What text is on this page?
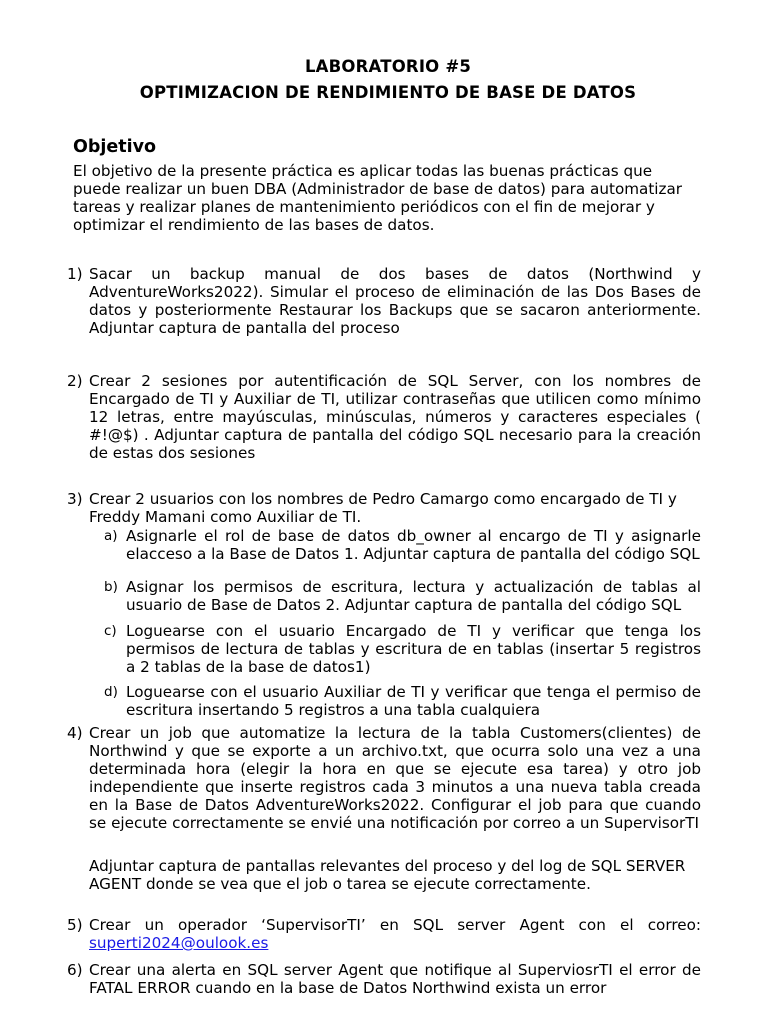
LABORATORIO #5
OPTIMIZACION DE RENDIMIENTO DE BASE DE DATOS
Objetivo
El objetivo de la presente práctica es aplicar todas las buenas prácticas que puede realizar un buen DBA (Administrador de base de datos) para automatizar tareas y realizar planes de mantenimiento periódicos con el fin de mejorar y optimizar el rendimiento de las bases de datos.
1) Sacar un backup manual de dos bases de datos (Northwind y AdventureWorks2022). Simular el proceso de eliminación de las Dos Bases de datos y posteriormente Restaurar los Backups que se sacaron anteriormente. Adjuntar captura de pantalla del proceso
2) Crear 2 sesiones por autentificación de SQL Server, con los nombres de Encargado de TI y Auxiliar de TI, utilizar contraseñas que utilicen como mínimo 12 letras, entre mayúsculas, minúsculas, números y caracteres especiales ( #!@$) . Adjuntar captura de pantalla del código SQL necesario para la creación de estas dos sesiones
3) Crear 2 usuarios con los nombres de Pedro Camargo como encargado de TI y Freddy Mamani como Auxiliar de TI.
a) Asignarle el rol de base de datos db_owner al encargo de TI y asignarle elacceso a la Base de Datos 1. Adjuntar captura de pantalla del código SQL
b) Asignar los permisos de escritura, lectura y actualización de tablas al usuario de Base de Datos 2. Adjuntar captura de pantalla del código SQL
c) Loguearse con el usuario Encargado de TI y verificar que tenga los permisos de lectura de tablas y escritura de en tablas (insertar 5 registros a 2 tablas de la base de datos1)
d) Loguearse con el usuario Auxiliar de TI y verificar que tenga el permiso de escritura insertando 5 registros a una tabla cualquiera
4) Crear un job que automatize la lectura de la tabla Customers(clientes) de Northwind y que se exporte a un archivo.txt, que ocurra solo una vez a una determinada hora (elegir la hora en que se ejecute esa tarea) y otro job independiente que inserte registros cada 3 minutos a una nueva tabla creada en la Base de Datos AdventureWorks2022. Configurar el job para que cuando se ejecute correctamente se envié una notificación por correo a un SupervisorTI
Adjuntar captura de pantallas relevantes del proceso y del log de SQL SERVER AGENT donde se vea que el job o tarea se ejecute correctamente.
5) Crear un operador ‘SupervisorTI’ en SQL server Agent con el correo: superti2024@oulook.es
6) Crear una alerta en SQL server Agent que notifique al SuperviosrTI el error de FATAL ERROR cuando en la base de Datos Northwind exista un error
